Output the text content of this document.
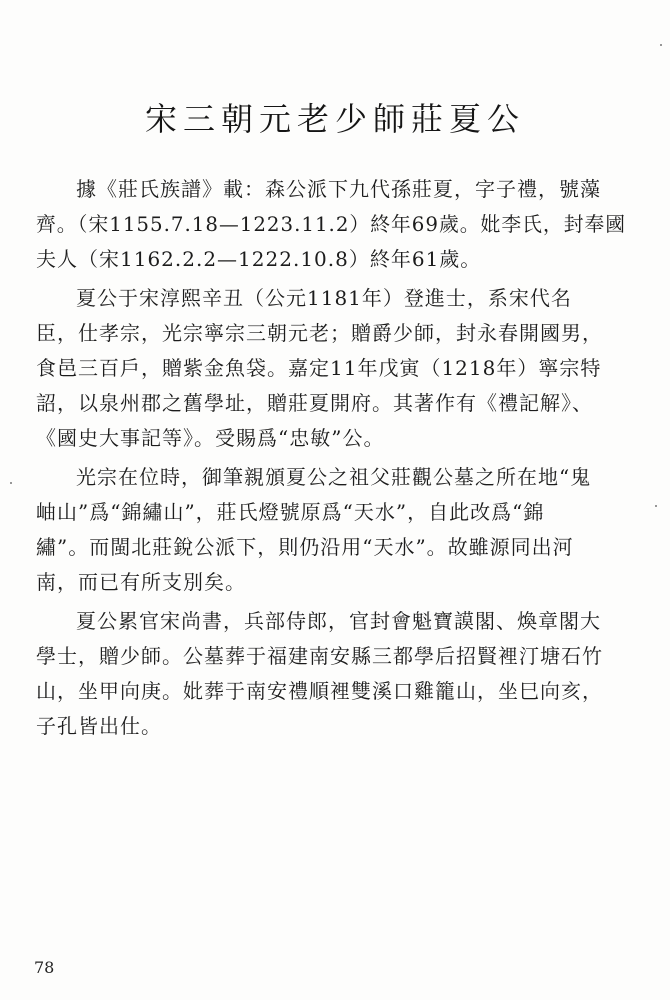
宋三朝元老少師莊夏公
據《莊氏族譜》載：森公派下九代孫莊夏，字子禮，號藻
齊。（宋1155.7.18—1223.11.2）終年69歲。妣李氏，封奉國
夫人（宋1162.2.2—1222.10.8）終年61歲。
夏公于宋淳熙辛丑（公元1181年）登進士，系宋代名
臣，仕孝宗，光宗寧宗三朝元老；贈爵少師，封永春開國男，
食邑三百戶，贈紫金魚袋。嘉定11年戊寅（1218年）寧宗特
詔，以泉州郡之舊學址，贈莊夏開府。其著作有《禮記解》、
《國史大事記等》。受賜爲“忠敏”公。
光宗在位時，御筆親頒夏公之祖父莊觀公墓之所在地“鬼
岫山”爲“錦繡山”，莊氏燈號原爲“天水”，自此改爲“錦
繡”。而閩北莊銳公派下，則仍沿用“天水”。故雖源同出河
南，而已有所支別矣。
夏公累官宋尚書，兵部侍郎，官封會魁寶謨閣、煥章閣大
學士，贈少師。公墓葬于福建南安縣三都學后招賢裡汀塘石竹
山，坐甲向庚。妣葬于南安禮順裡雙溪口雞籠山，坐巳向亥，
子孔皆出仕。
78
